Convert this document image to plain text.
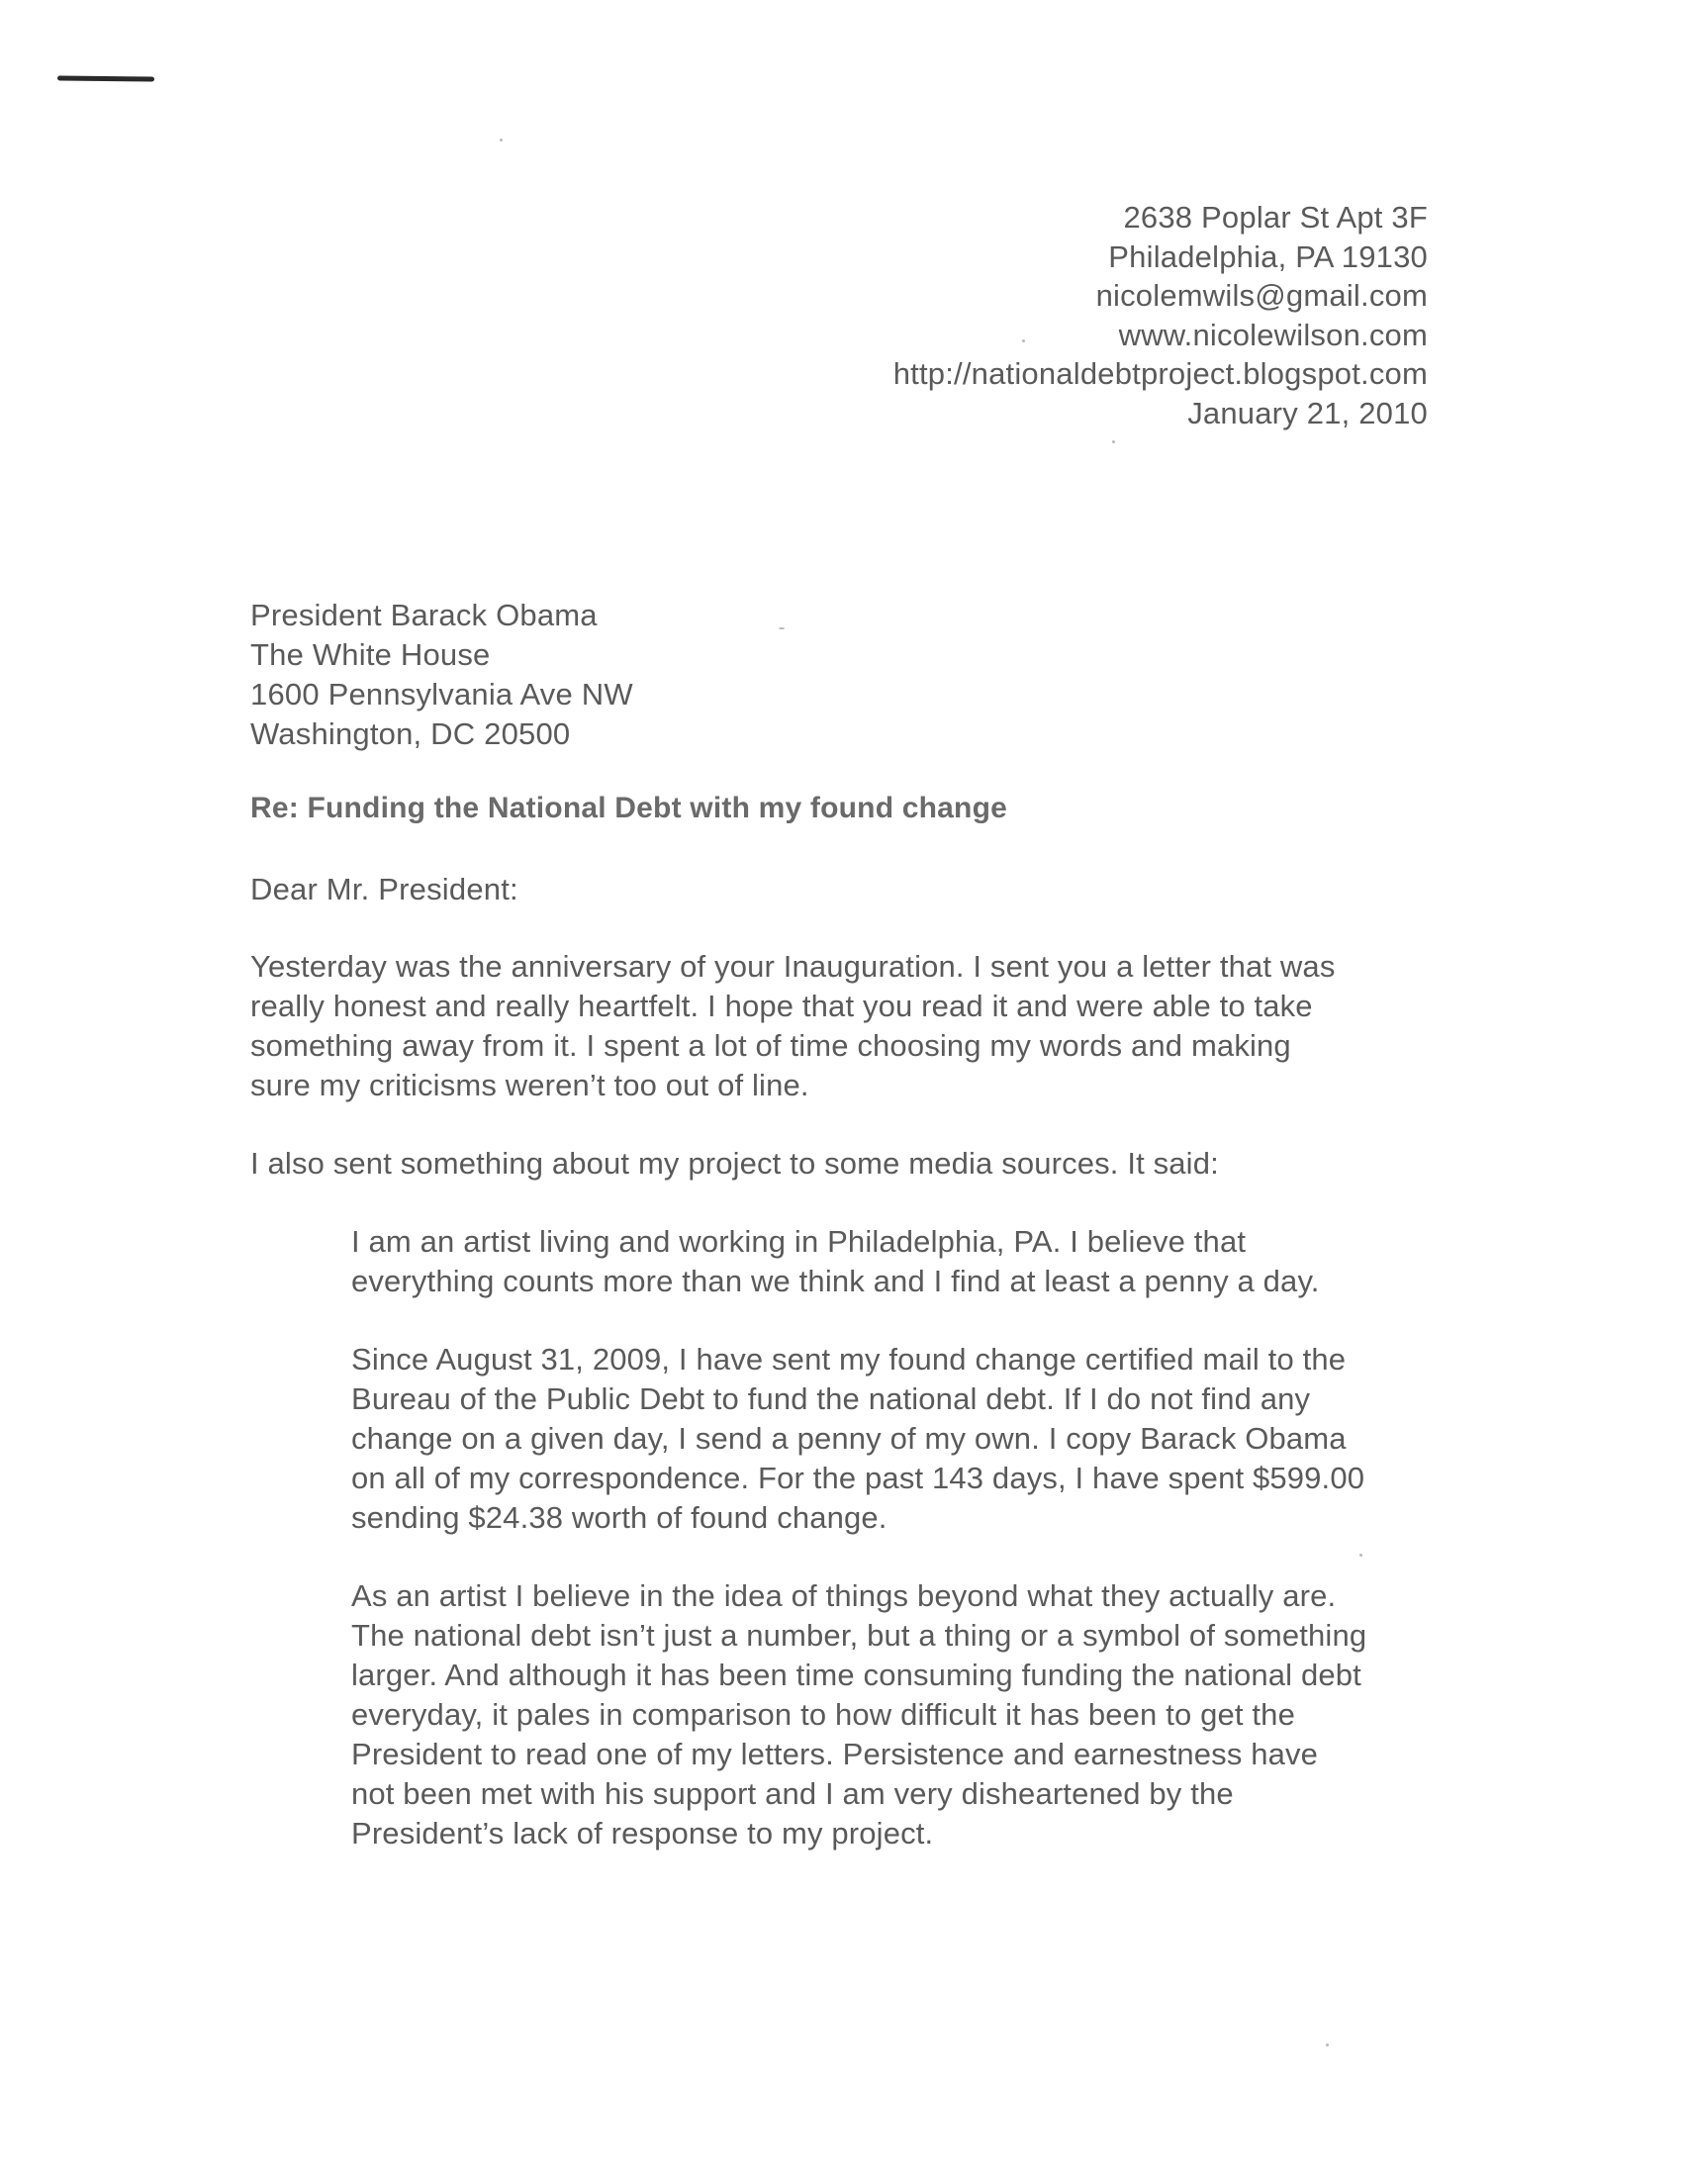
2638 Poplar St Apt 3F
Philadelphia, PA 19130
nicolemwils@gmail.com
www.nicolewilson.com
http://nationaldebtproject.blogspot.com
January 21, 2010
President Barack Obama
The White House
1600 Pennsylvania Ave NW
Washington, DC 20500
Re: Funding the National Debt with my found change
Dear Mr. President:
Yesterday was the anniversary of your Inauguration. I sent you a letter that was
really honest and really heartfelt. I hope that you read it and were able to take
something away from it. I spent a lot of time choosing my words and making
sure my criticisms weren’t too out of line.
I also sent something about my project to some media sources. It said:
I am an artist living and working in Philadelphia, PA. I believe that
everything counts more than we think and I find at least a penny a day.
Since August 31, 2009, I have sent my found change certified mail to the
Bureau of the Public Debt to fund the national debt. If I do not find any
change on a given day, I send a penny of my own. I copy Barack Obama
on all of my correspondence. For the past 143 days, I have spent $599.00
sending $24.38 worth of found change.
As an artist I believe in the idea of things beyond what they actually are.
The national debt isn’t just a number, but a thing or a symbol of something
larger. And although it has been time consuming funding the national debt
everyday, it pales in comparison to how difficult it has been to get the
President to read one of my letters. Persistence and earnestness have
not been met with his support and I am very disheartened by the
President’s lack of response to my project.
